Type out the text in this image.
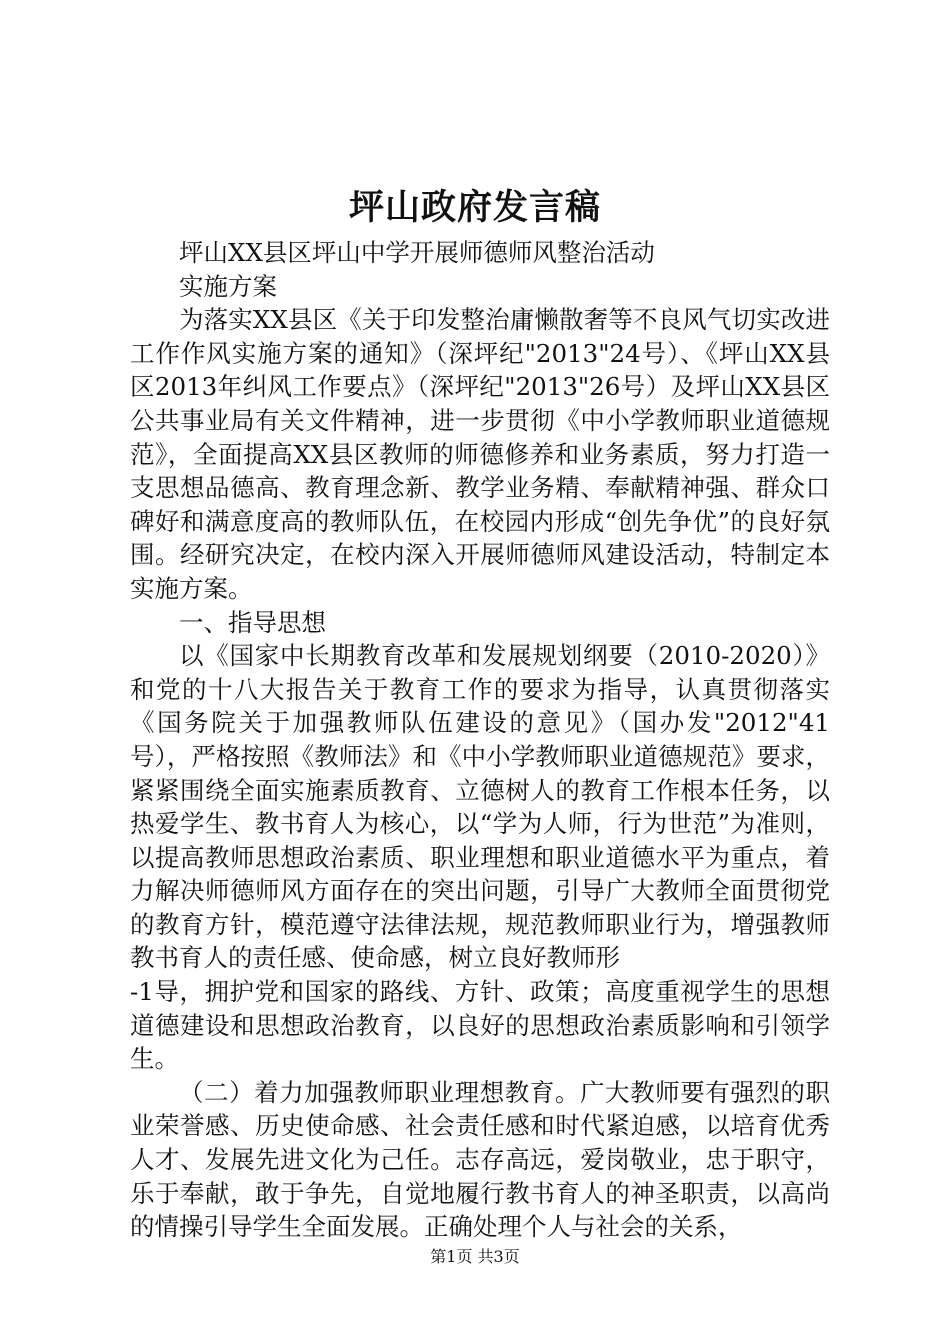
坪山政府发言稿

坪山XX县区坪山中学开展师德师风整治活动

实施方案

为落实XX县区《关于印发整治庸懒散奢等不良风气切实改进工作作风实施方案的通知》（深坪纪"2013"24号）、《坪山XX县区2013年纠风工作要点》（深坪纪"2013"26号）及坪山XX县区公共事业局有关文件精神，进一步贯彻《中小学教师职业道德规范》，全面提高XX县区教师的师德修养和业务素质，努力打造一支思想品德高、教育理念新、教学业务精、奉献精神强、群众口碑好和满意度高的教师队伍，在校园内形成“创先争优”的良好氛围。经研究决定，在校内深入开展师德师风建设活动，特制定本实施方案。

一、指导思想

以《国家中长期教育改革和发展规划纲要（2010-2020）》和党的十八大报告关于教育工作的要求为指导，认真贯彻落实《国务院关于加强教师队伍建设的意见》（国办发"2012"41号），严格按照《教师法》和《中小学教师职业道德规范》要求，紧紧围绕全面实施素质教育、立德树人的教育工作根本任务，以热爱学生、教书育人为核心，以“学为人师，行为世范”为准则，以提高教师思想政治素质、职业理想和职业道德水平为重点，着力解决师德师风方面存在的突出问题，引导广大教师全面贯彻党的教育方针，模范遵守法律法规，规范教师职业行为，增强教师教书育人的责任感、使命感，树立良好教师形

-1导，拥护党和国家的路线、方针、政策；高度重视学生的思想道德建设和思想政治教育，以良好的思想政治素质影响和引领学生。

（二）着力加强教师职业理想教育。广大教师要有强烈的职业荣誉感、历史使命感、社会责任感和时代紧迫感，以培育优秀人才、发展先进文化为己任。志存高远，爱岗敬业，忠于职守，乐于奉献，敢于争先，自觉地履行教书育人的神圣职责，以高尚的情操引导学生全面发展。正确处理个人与社会的关系，

第1页 共3页
